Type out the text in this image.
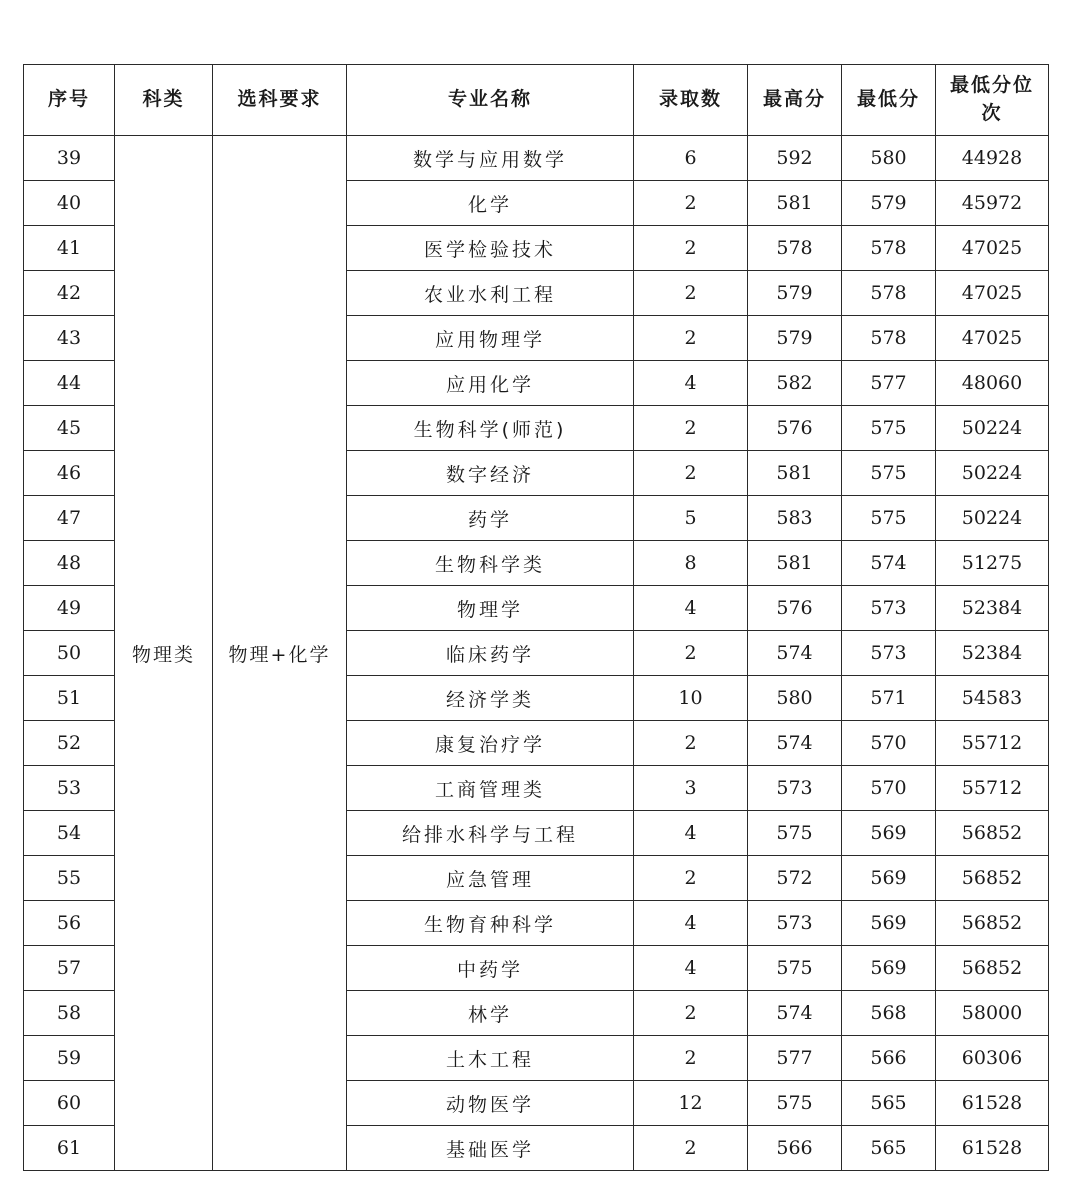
序号	科类	选科要求	专业名称	录取数	最高分	最低分	最低分位次
39	物理类	物理+化学	数学与应用数学	6	592	580	44928
40			化学	2	581	579	45972
41			医学检验技术	2	578	578	47025
42			农业水利工程	2	579	578	47025
43			应用物理学	2	579	578	47025
44			应用化学	4	582	577	48060
45			生物科学(师范)	2	576	575	50224
46			数字经济	2	581	575	50224
47			药学	5	583	575	50224
48			生物科学类	8	581	574	51275
49			物理学	4	576	573	52384
50			临床药学	2	574	573	52384
51			经济学类	10	580	571	54583
52			康复治疗学	2	574	570	55712
53			工商管理类	3	573	570	55712
54			给排水科学与工程	4	575	569	56852
55			应急管理	2	572	569	56852
56			生物育种科学	4	573	569	56852
57			中药学	4	575	569	56852
58			林学	2	574	568	58000
59			土木工程	2	577	566	60306
60			动物医学	12	575	565	61528
61			基础医学	2	566	565	61528
